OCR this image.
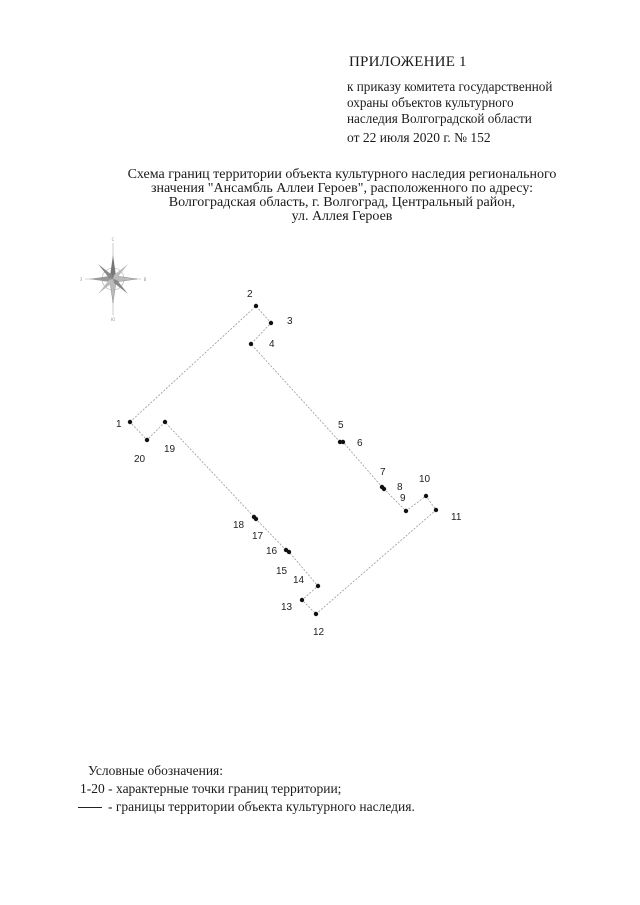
ПРИЛОЖЕНИЕ 1
к приказу комитета государственной
охраны объектов культурного
наследия Волгоградской области
от 22 июля 2020 г. № 152
Схема границ территории объекта культурного наследия регионального
значения "Ансамбль Аллеи Героев", расположенного по адресу:
Волгоградская область, г. Волгоград, Центральный район,
ул. Аллея Героев
C
Ю
З	В
1
2
3
4
5
6
7
8
9
10
11
12
13
14
15
16
17
18
19
20
Условные обозначения:
1-20 - характерные точки границ территории;
- границы территории объекта культурного наследия.
